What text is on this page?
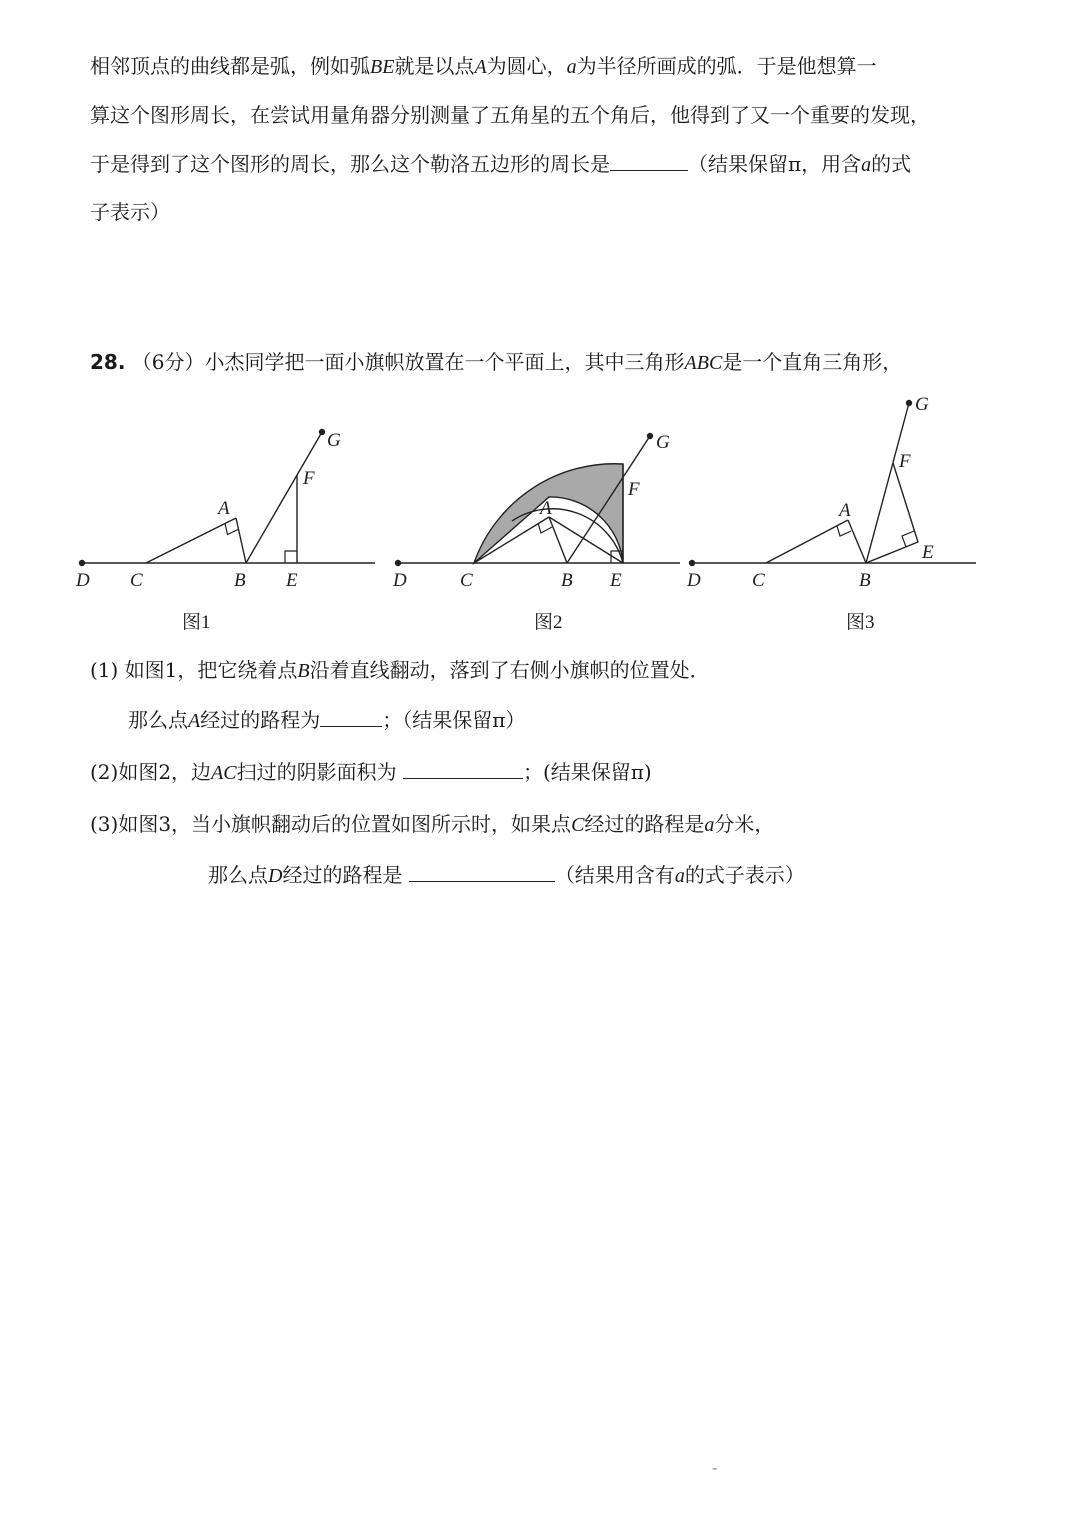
相邻顶点的曲线都是弧，例如弧BE就是以点A为圆心，a为半径所画成的弧．于是他想算一
算这个图形周长，在尝试用量角器分别测量了五角星的五个角后，他得到了又一个重要的发现，
于是得到了这个图形的周长，那么这个勒洛五边形的周长是	（结果保留π，用含a的式
子表示）
28. （6分）小杰同学把一面小旗帜放置在一个平面上，其中三角形ABC是一个直角三角形，
D C
A
B E
F
G
图1
D	C
A
B E
F
G
图2
D	C
A
B
E
F
G
图3
(1) 如图1，把它绕着点B沿着直线翻动，落到了右侧小旗帜的位置处．
那么点A经过的路程为	；（结果保留π）
(2)如图2，边AC扫过的阴影面积为	；(结果保留π)
(3)如图3，当小旗帜翻动后的位置如图所示时，如果点C经过的路程是a分米，
那么点D经过的路程是	（结果用含有a的式子表示）
-
